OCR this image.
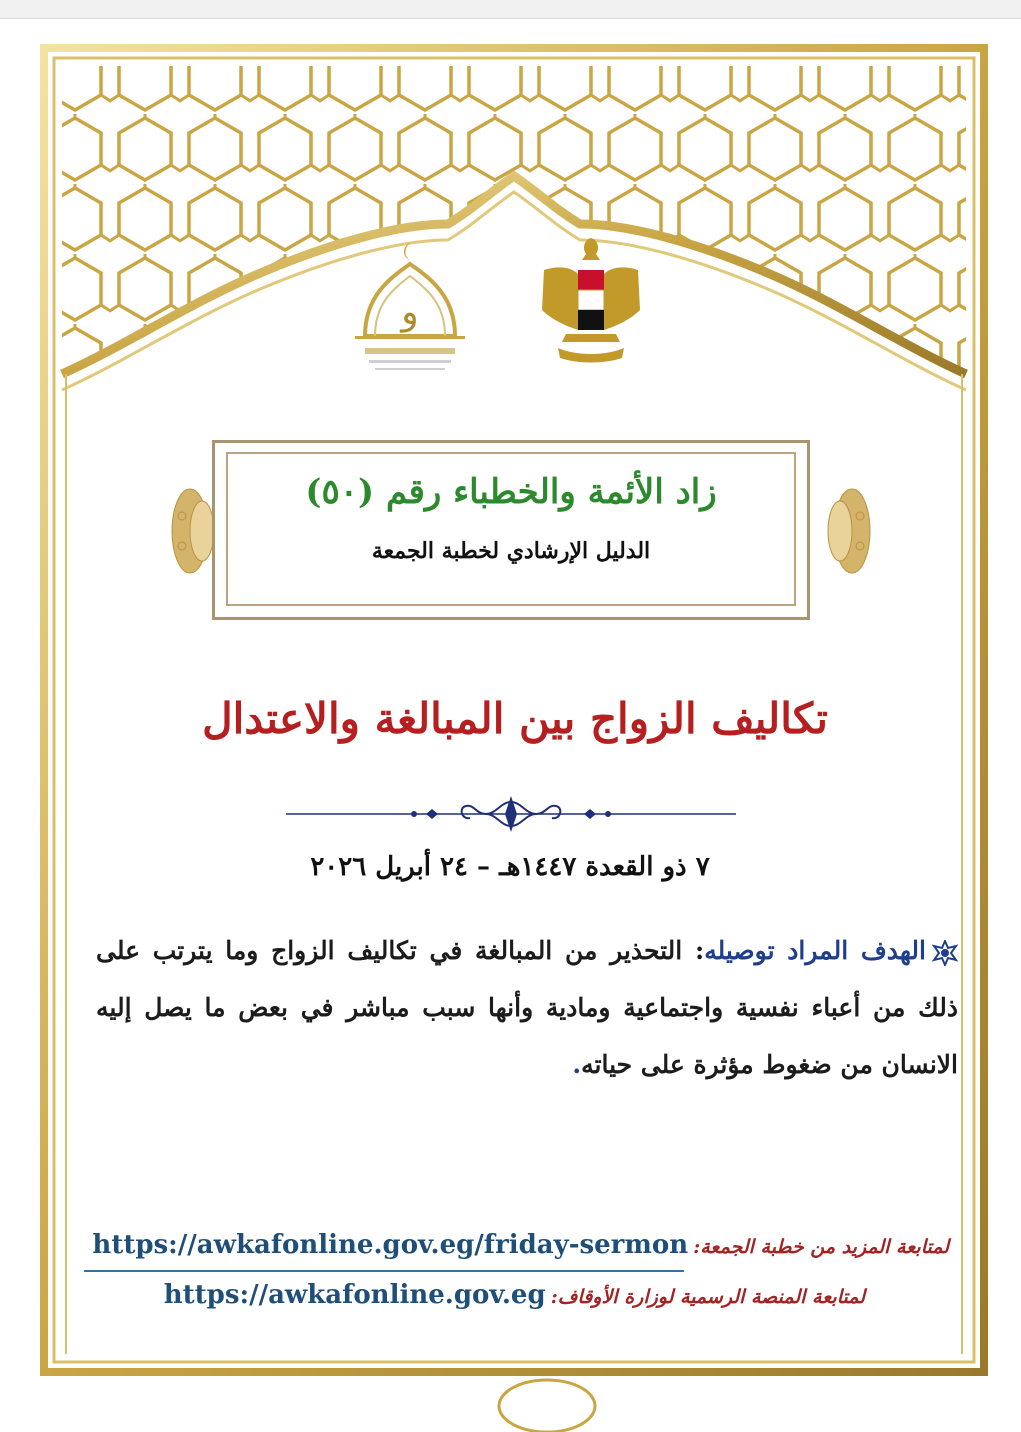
و
زاد الأئمة والخطباء رقم (٥٠)
الدليل الإرشادي لخطبة الجمعة
تكاليف الزواج بين المبالغة والاعتدال
٧ ذو القعدة ١٤٤٧هـ – ٢٤ أبريل ٢٠٢٦
الهدف المراد توصيله: التحذير من المبالغة في تكاليف الزواج وما يترتب على ذلك من أعباء نفسية واجتماعية ومادية وأنها سبب مباشر في بعض ما يصل إليه الانسان من ضغوط مؤثرة على حياته.
لمتابعة المزيد من خطبة الجمعة: https://awkafonline.gov.eg/friday-sermon
لمتابعة المنصة الرسمية لوزارة الأوقاف: https://awkafonline.gov.eg
